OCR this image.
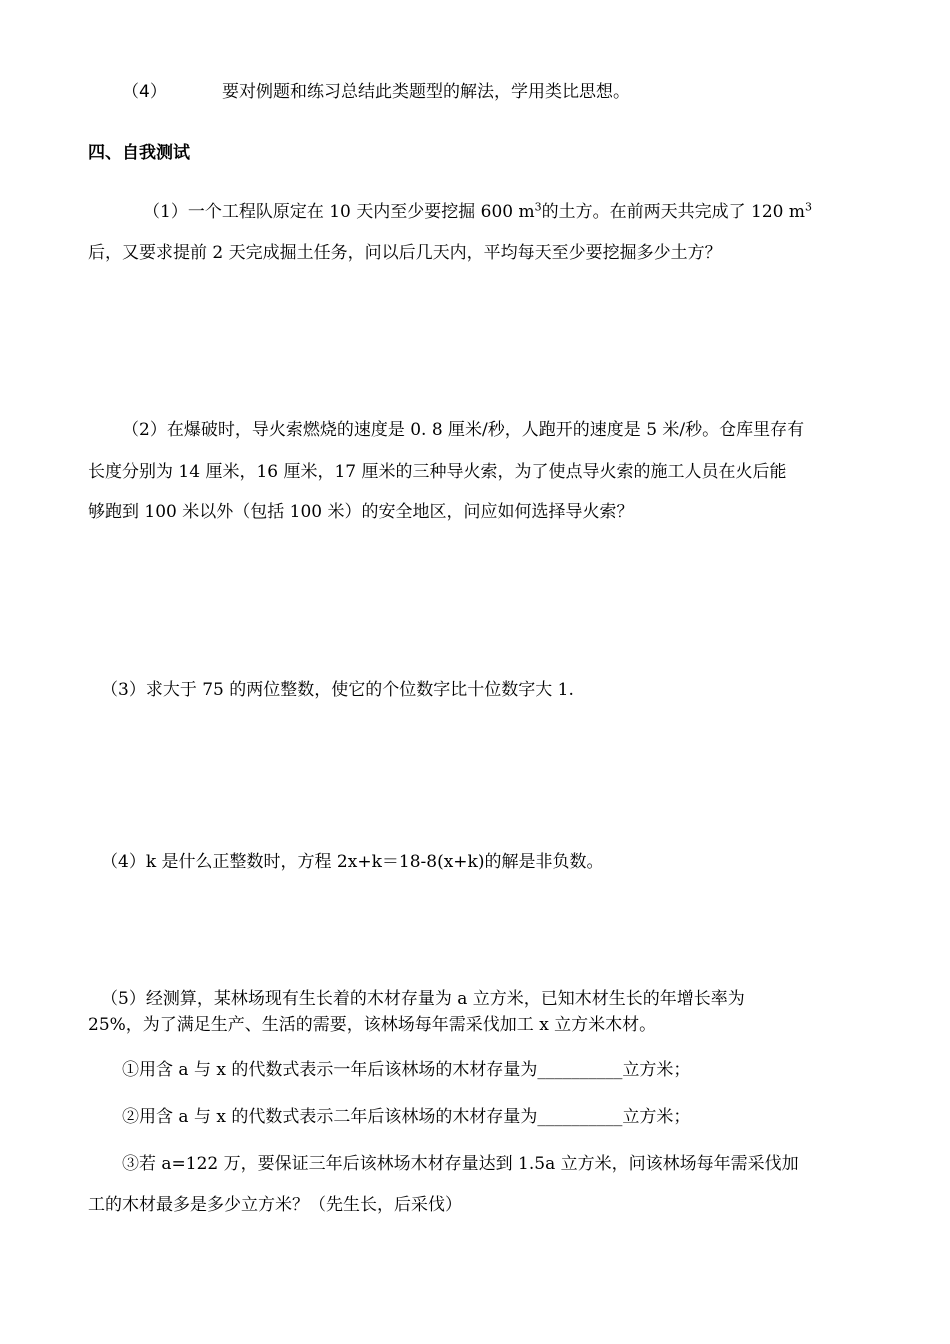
（4）	要对例题和练习总结此类题型的解法，学用类比思想。
四、自我测试
（1）一个工程队原定在 10 天内至少要挖掘 600 $m^3$的土方。在前两天共完成了 120 $m^3$
后，又要求提前 2 天完成掘土任务，问以后几天内，平均每天至少要挖掘多少土方？
（2）在爆破时，导火索燃烧的速度是 0. 8 厘米/秒，人跑开的速度是 5 米/秒。仓库里存有
长度分别为 14 厘米，16 厘米，17 厘米的三种导火索，为了使点导火索的施工人员在火后能
够跑到 100 米以外（包括 100 米）的安全地区，问应如何选择导火索？
（3）求大于 75 的两位整数，使它的个位数字比十位数字大 1.
（4）k 是什么正整数时，方程 2x+k＝18-8(x+k)的解是非负数。
（5）经测算，某林场现有生长着的木材存量为 a 立方米，已知木材生长的年增长率为
25%，为了满足生产、生活的需要，该林场每年需采伐加工 x 立方米木材。
①用含 a 与 x 的代数式表示一年后该林场的木材存量为__________立方米；
②用含 a 与 x 的代数式表示二年后该林场的木材存量为__________立方米；
③若 a=122 万，要保证三年后该林场木材存量达到 1.5a 立方米，问该林场每年需采伐加
工的木材最多是多少立方米？（先生长，后采伐）
